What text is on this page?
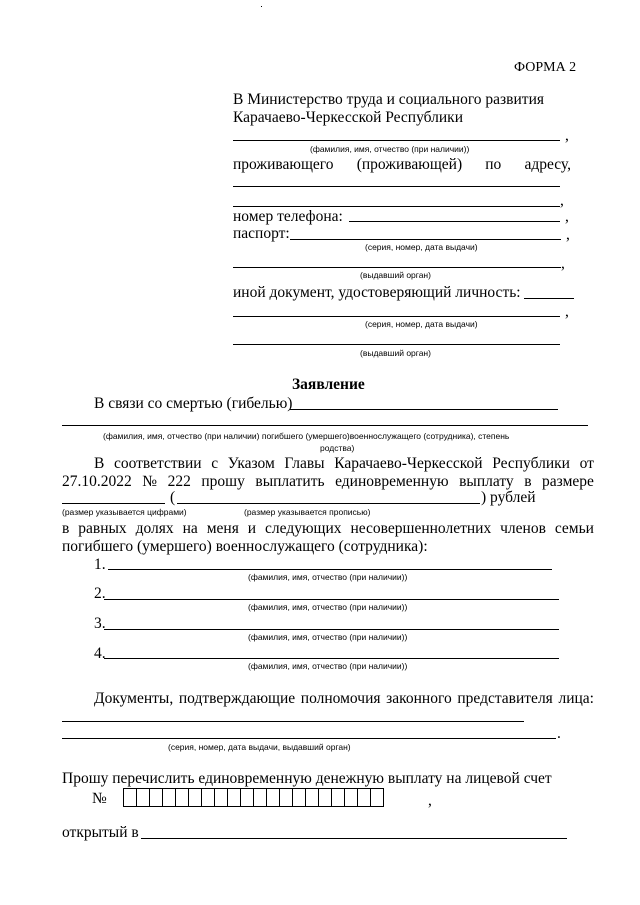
ФОРМА 2
В Министерство труда и социального развития
Карачаево-Черкесской Республики
,
(фамилия, имя, отчество (при наличии))
проживающего (проживающей) по адресу,
,
номер телефона:	,
паспорт:	,
(серия, номер, дата выдачи)
,
(выдавший орган)
иной документ, удостоверяющий личность:
,
(серия, номер, дата выдачи)
(выдавший орган)
Заявление
В связи со смертью (гибелью)
(фамилия, имя, отчество (при наличии) погибшего (умершего)военнослужащего (сотрудника), степень
родства)
В соответствии с Указом Главы Карачаево-Черкесской Республики от
27.10.2022 № 222 прошу выплатить единовременную выплату в размере
(	) рублей
(размер указывается цифрами)	(размер указывается прописью)
в равных долях на меня и следующих несовершеннолетних членов семьи
погибшего (умершего) военнослужащего (сотрудника):
1.
(фамилия, имя, отчество (при наличии))
2.
(фамилия, имя, отчество (при наличии))
3.
(фамилия, имя, отчество (при наличии))
4.
(фамилия, имя, отчество (при наличии))
Документы, подтверждающие полномочия законного представителя лица:
.
(серия, номер, дата выдачи, выдавший орган)
Прошу перечислить единовременную денежную выплату на лицевой счет
№	,
открытый в
